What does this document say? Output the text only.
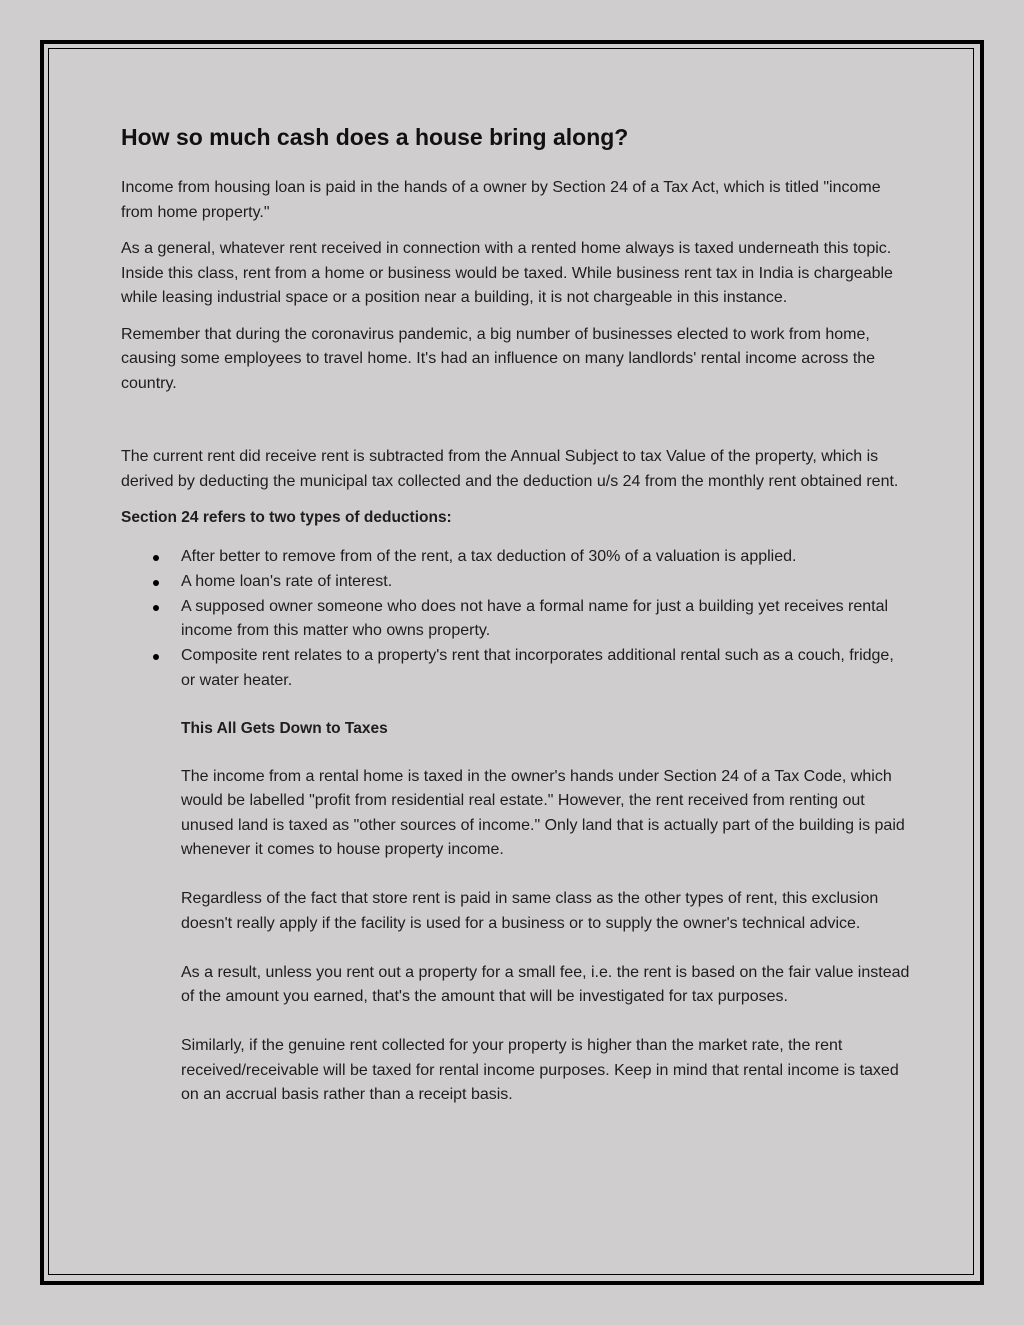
How so much cash does a house bring along?

Income from housing loan is paid in the hands of a owner by Section 24 of a Tax Act, which is titled "income from home property."

As a general, whatever rent received in connection with a rented home always is taxed underneath this topic. Inside this class, rent from a home or business would be taxed. While business rent tax in India is chargeable while leasing industrial space or a position near a building, it is not chargeable in this instance.

Remember that during the coronavirus pandemic, a big number of businesses elected to work from home, causing some employees to travel home. It's had an influence on many landlords' rental income across the country.

The current rent did receive rent is subtracted from the Annual Subject to tax Value of the property, which is derived by deducting the municipal tax collected and the deduction u/s 24 from the monthly rent obtained rent.

Section 24 refers to two types of deductions:

After better to remove from of the rent, a tax deduction of 30% of a valuation is applied.
A home loan's rate of interest.
A supposed owner someone who does not have a formal name for just a building yet receives rental income from this matter who owns property.
Composite rent relates to a property's rent that incorporates additional rental such as a couch, fridge, or water heater.

This All Gets Down to Taxes

The income from a rental home is taxed in the owner's hands under Section 24 of a Tax Code, which would be labelled "profit from residential real estate." However, the rent received from renting out unused land is taxed as "other sources of income." Only land that is actually part of the building is paid whenever it comes to house property income.

Regardless of the fact that store rent is paid in same class as the other types of rent, this exclusion doesn't really apply if the facility is used for a business or to supply the owner's technical advice.

As a result, unless you rent out a property for a small fee, i.e. the rent is based on the fair value instead of the amount you earned, that's the amount that will be investigated for tax purposes.

Similarly, if the genuine rent collected for your property is higher than the market rate, the rent received/receivable will be taxed for rental income purposes. Keep in mind that rental income is taxed on an accrual basis rather than a receipt basis.
